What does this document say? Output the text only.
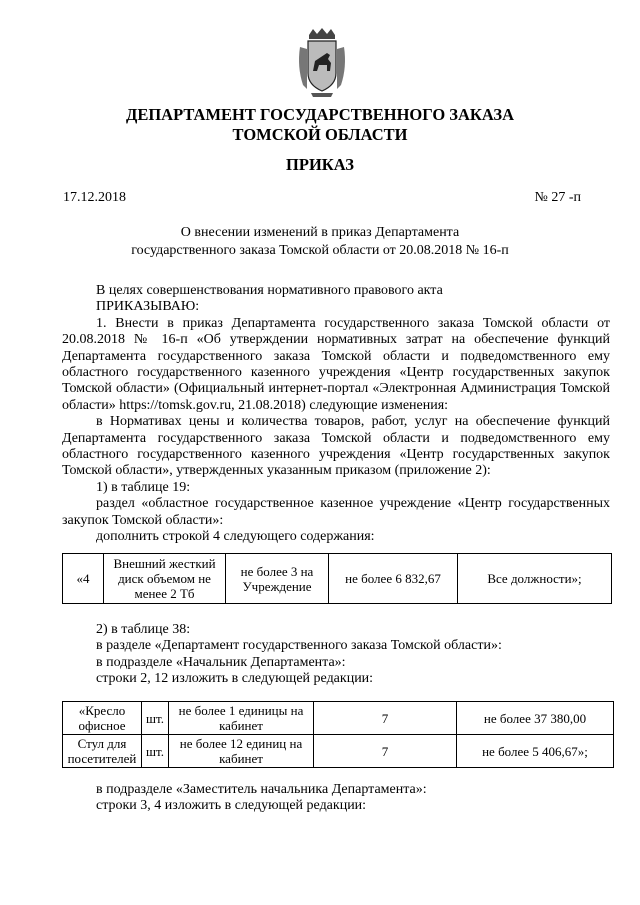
ДЕПАРТАМЕНТ ГОСУДАРСТВЕННОГО ЗАКАЗА
ТОМСКОЙ ОБЛАСТИ
ПРИКАЗ
17.12.2018	№ 27 -п
О внесении изменений в приказ Департамента
государственного заказа Томской области от 20.08.2018 № 16-п

В целях совершенствования нормативного правового акта

ПРИКАЗЫВАЮ:

1. Внести в приказ Департамента государственного заказа Томской области от 20.08.2018 № 16-п «Об утверждении нормативных затрат на обеспечение функций Департамента государственного заказа Томской области и подведомственного ему областного государственного казенного учреждения «Центр государственных закупок Томской области» (Официальный интернет-портал «Электронная Администрация Томской области» https://tomsk.gov.ru, 21.08.2018) следующие изменения:

в Нормативах цены и количества товаров, работ, услуг на обеспечение функций Департамента государственного заказа Томской области и подведомственного ему областного государственного казенного учреждения «Центр государственных закупок Томской области», утвержденных указанным приказом (приложение 2):

1) в таблице 19:

раздел «областное государственное казенное учреждение «Центр государственных закупок Томской области»:

дополнить строкой 4 следующего содержания:

«4	Внешний жесткий диск объемом не менее 2 Тб	не более 3 на Учреждение	не более 6 832,67	Все должности»;

2) в таблице 38:

в разделе «Департамент государственного заказа Томской области»:

в подразделе «Начальник Департамента»:

строки 2, 12 изложить в следующей редакции:

«Кресло офисное	шт.	не более 1 единицы на кабинет	7	не более 37 380,00
Стул для посетителей	шт.	не более 12 единиц на кабинет	7	не более 5 406,67»;

в подразделе «Заместитель начальника Департамента»:

строки 3, 4 изложить в следующей редакции:
